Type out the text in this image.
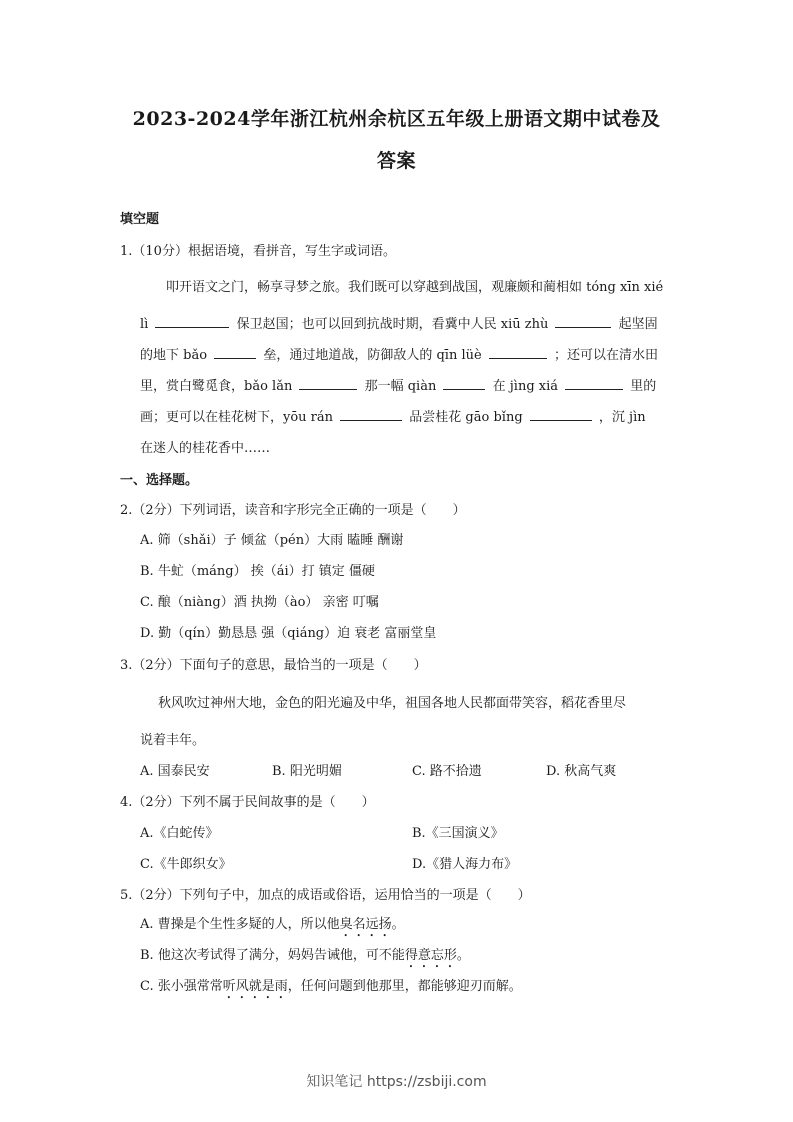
2023-2024学年浙江杭州余杭区五年级上册语文期中试卷及
答案
填空题
1.（10分）根据语境，看拼音，写生字或词语。
叩开语文之门，畅享寻梦之旅。我们既可以穿越到战国，观廉颇和蔺相如 tóng xīn xié
lì	保卫赵国；也可以回到抗战时期，看冀中人民 xiū zhù	起坚固
的地下 bǎo	垒，通过地道战，防御敌人的 qīn lüè	；还可以在清水田
里，赏白鹭觅食，bǎo lǎn	那一幅 qiàn	在 jìng xiá	里的
画；更可以在桂花树下，yōu rán	品尝桂花 gāo bǐng	，沉 jìn
在迷人的桂花香中……
一、选择题。
2.（2分）下列词语，读音和字形完全正确的一项是（　　）
A. 筛（shǎi）子 倾盆（pén）大雨 瞌睡 酬谢
B. 牛虻（máng） 挨（ái）打 镇定 僵硬
C. 酿（niàng）酒 执拗（ào） 亲密 叮嘱
D. 勤（qín）勤恳恳 强（qiáng）迫 衰老 富丽堂皇
3.（2分）下面句子的意思，最恰当的一项是（　　）
秋风吹过神州大地，金色的阳光遍及中华，祖国各地人民都面带笑容，稻花香里尽
说着丰年。
A. 国泰民安	B. 阳光明媚	C. 路不拾遗	D. 秋高气爽
4.（2分）下列不属于民间故事的是（　　）
A.《白蛇传》	B.《三国演义》
C.《牛郎织女》	D.《猎人海力布》
5.（2分）下列句子中，加点的成语或俗语，运用恰当的一项是（　　）
A. 曹操是个生性多疑的人，所以他臭名远扬。
B. 他这次考试得了满分，妈妈告诫他，可不能得意忘形。
C. 张小强常常听风就是雨，任何问题到他那里，都能够迎刃而解。
知识笔记 https://zsbiji.com
